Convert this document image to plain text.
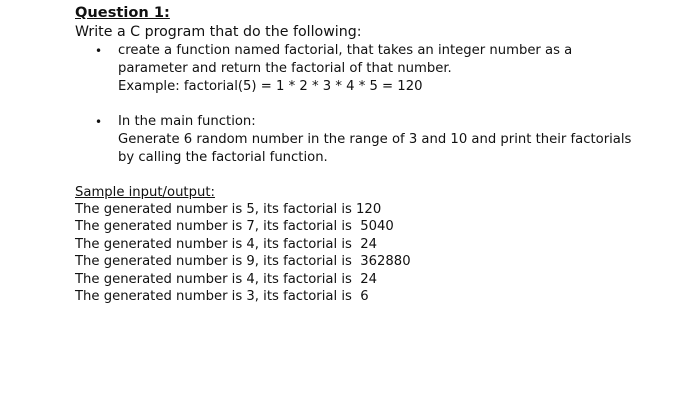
Question 1:
Write a C program that do the following:
• create a function named factorial, that takes an integer number as a
parameter and return the factorial of that number.
Example: factorial(5) = 1 * 2 * 3 * 4 * 5 = 120
• In the main function:
Generate 6 random number in the range of 3 and 10 and print their factorials
by calling the factorial function.
Sample input/output:
The generated number is 5, its factorial is 120
The generated number is 7, its factorial is  5040
The generated number is 4, its factorial is  24
The generated number is 9, its factorial is  362880
The generated number is 4, its factorial is  24
The generated number is 3, its factorial is  6
